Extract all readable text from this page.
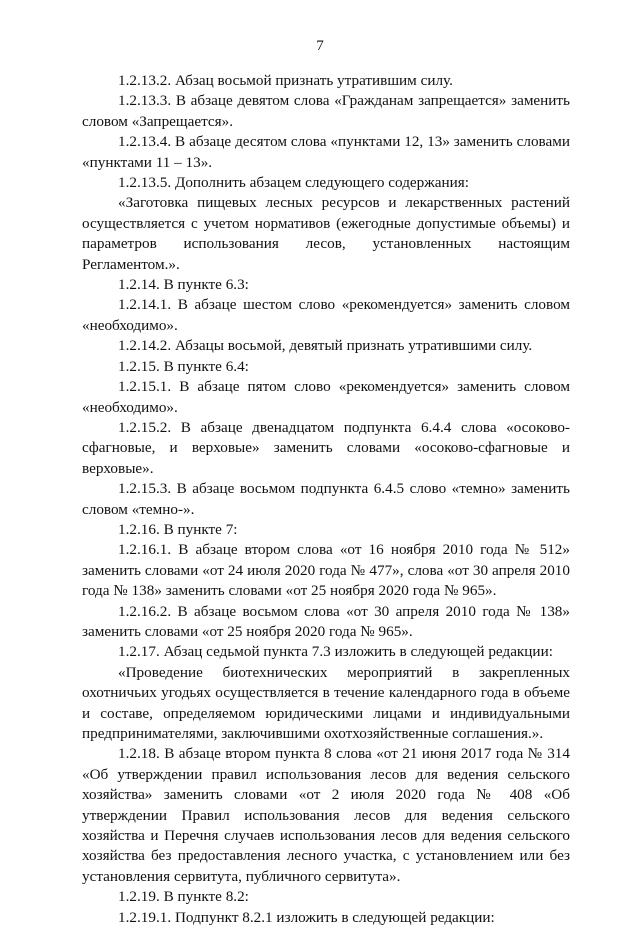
7

1.2.13.2. Абзац восьмой признать утратившим силу.

1.2.13.3. В абзаце девятом слова «Гражданам запрещается» заменить словом «Запрещается».

1.2.13.4. В абзаце десятом слова «пунктами 12, 13» заменить словами «пунктами 11 – 13».

1.2.13.5. Дополнить абзацем следующего содержания:

«Заготовка пищевых лесных ресурсов и лекарственных растений осуществляется с учетом нормативов (ежегодные допустимые объемы) и параметров использования лесов, установленных настоящим Регламентом.».

1.2.14. В пункте 6.3:

1.2.14.1. В абзаце шестом слово «рекомендуется» заменить словом «необходимо».

1.2.14.2. Абзацы восьмой, девятый признать утратившими силу.

1.2.15. В пункте 6.4:

1.2.15.1. В абзаце пятом слово «рекомендуется» заменить словом «необходимо».

1.2.15.2. В абзаце двенадцатом подпункта 6.4.4 слова «осоково-сфагновые, и верховые» заменить словами «осоково-сфагновые и верховые».

1.2.15.3. В абзаце восьмом подпункта 6.4.5 слово «темно» заменить словом «темно-».

1.2.16. В пункте 7:

1.2.16.1. В абзаце втором слова «от 16 ноября 2010 года № 512» заменить словами «от 24 июля 2020 года № 477», слова «от 30 апреля 2010 года № 138» заменить словами «от 25 ноября 2020 года № 965».

1.2.16.2. В абзаце восьмом слова «от 30 апреля 2010 года № 138» заменить словами «от 25 ноября 2020 года № 965».

1.2.17. Абзац седьмой пункта 7.3 изложить в следующей редакции:

«Проведение биотехнических мероприятий в закрепленных охотничьих угодьях осуществляется в течение календарного года в объеме и составе, определяемом юридическими лицами и индивидуальными предпринимателями, заключившими охотхозяйственные соглашения.».

1.2.18. В абзаце втором пункта 8 слова «от 21 июня 2017 года № 314 «Об утверждении правил использования лесов для ведения сельского хозяйства» заменить словами «от 2 июля 2020 года № 408 «Об утверждении Правил использования лесов для ведения сельского хозяйства и Перечня случаев использования лесов для ведения сельского хозяйства без предоставления лесного участка, с установлением или без установления сервитута, публичного сервитута».

1.2.19. В пункте 8.2:

1.2.19.1. Подпункт 8.2.1 изложить в следующей редакции:
